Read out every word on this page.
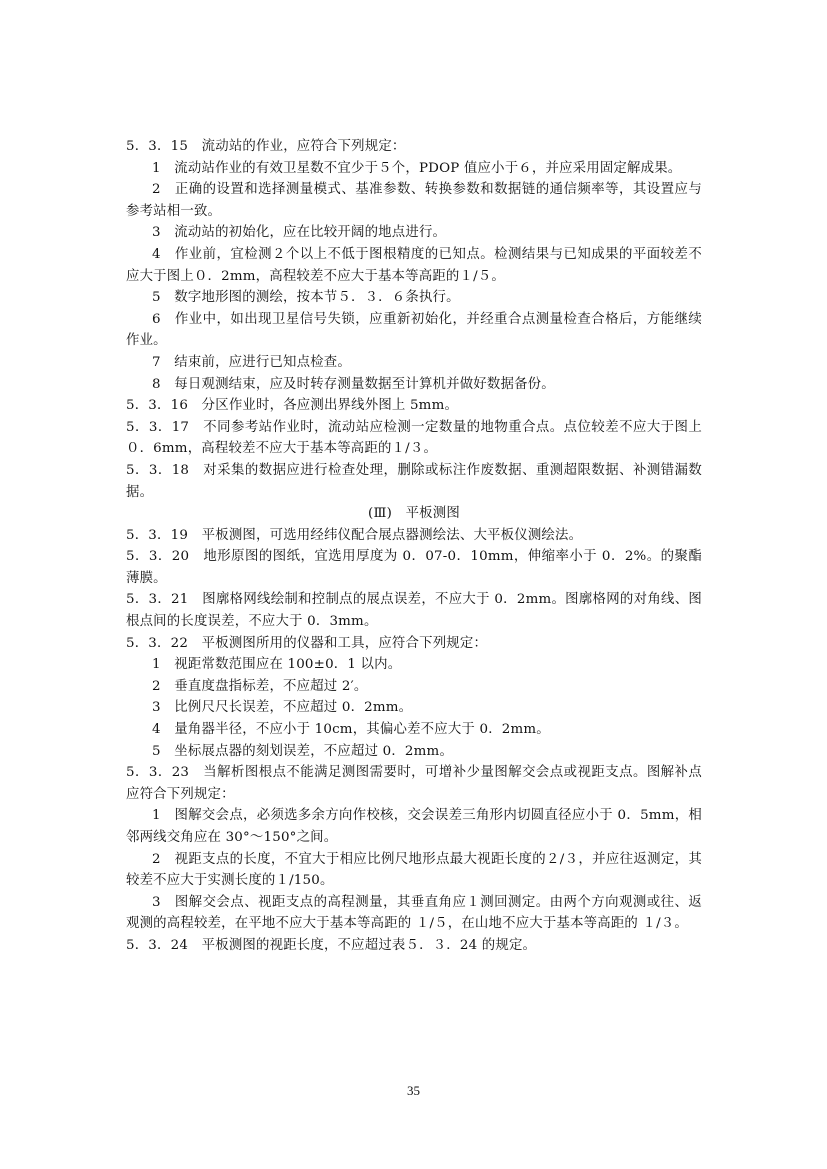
5．3．15　流动站的作业，应符合下列规定：

1　流动站作业的有效卫星数不宜少于５个，PDOP 值应小于６，并应采用固定解成果。

2　正确的设置和选择测量模式、基准参数、转换参数和数据链的通信频率等，其设置应与参考站相一致。

3　流动站的初始化，应在比较开阔的地点进行。

4　作业前，宜检测２个以上不低于图根精度的已知点。检测结果与已知成果的平面较差不应大于图上０．2mm，高程较差不应大于基本等高距的１/５。

5　数字地形图的测绘，按本节５．３．６条执行。

6　作业中，如出现卫星信号失锁，应重新初始化，并经重合点测量检查合格后，方能继续作业。

7　结束前，应进行已知点检查。

8　每日观测结束，应及时转存测量数据至计算机并做好数据备份。

5．3．16　分区作业时，各应测出界线外图上 5mm。

5．3．17　不同参考站作业时，流动站应检测一定数量的地物重合点。点位较差不应大于图上０．6mm，高程较差不应大于基本等高距的１/３。

5．3．18　对采集的数据应进行检查处理，删除或标注作废数据、重测超限数据、补测错漏数据。

(Ⅲ)　平板测图

5．3．19　平板测图，可选用经纬仪配合展点器测绘法、大平板仪测绘法。

5．3．20　地形原图的图纸，宜选用厚度为 0．07-0．10mm，伸缩率小于 0．2%。的聚酯薄膜。

5．3．21　图廓格网线绘制和控制点的展点误差，不应大于 0．2mm。图廓格网的对角线、图根点间的长度误差，不应大于 0．3mm。

5．3．22　平板测图所用的仪器和工具，应符合下列规定：

1　视距常数范围应在 100±0．1 以内。

2　垂直度盘指标差，不应超过 2′。

3　比例尺尺长误差，不应超过 0．2mm。

4　量角器半径，不应小于 10cm，其偏心差不应大于 0．2mm。

5　坐标展点器的刻划误差，不应超过 0．2mm。

5．3．23　当解析图根点不能满足测图需要时，可增补少量图解交会点或视距支点。图解补点应符合下列规定：

1　图解交会点，必须选多余方向作校核，交会误差三角形内切圆直径应小于 0．5mm，相邻两线交角应在 30°～150°之间。

2　视距支点的长度，不宜大于相应比例尺地形点最大视距长度的２/３，并应往返测定，其较差不应大于实测长度的１/150。

3　图解交会点、视距支点的高程测量，其垂直角应１测回测定。由两个方向观测或往、返观测的高程较差，在平地不应大于基本等高距的 １/５，在山地不应大于基本等高距的 １/３。

5．3．24　平板测图的视距长度，不应超过表５．３．24 的规定。

35
